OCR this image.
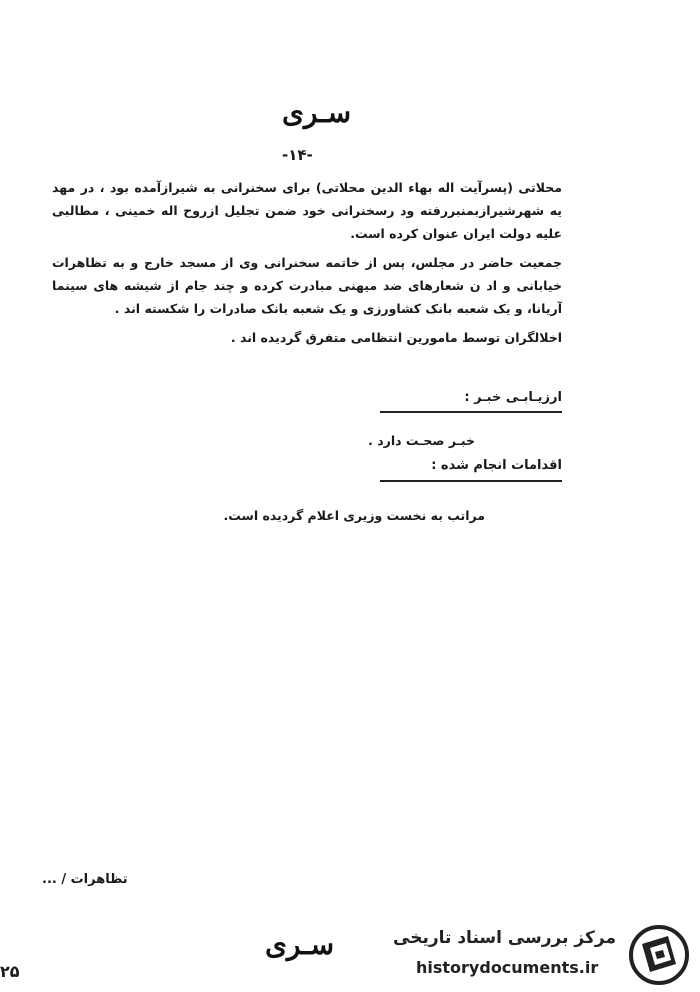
سـری
-۱۴-

محلاتی (پسرآیت اله بهاء الدین محلاتی) برای سخنرانی به شیرازآمده بود ، در مهد یه شهرشیرازبمنبررفته ود رسخنرانی خود ضمن تجلیل ازروح اله خمینی ، مطالبی علیه دولت ایران عنوان کرده است.

جمعیت حاضر در مجلس، پس از خاتمه سخنرانی وی از مسجد خارج و به تظاهرات خیابانی و اد ن شعارهای ضد میهنی مبادرت کرده و چند جام از شیشه های سینما آریانا، و یک شعبه بانک کشاورزی و یک شعبه بانک صادرات را شکسته اند .

اخلالگران توسط مامورین انتظامی متفرق گردیده اند .

ارزیـابـی خبـر :
خبـر صحـت دارد .
اقدامات انجام شده :
مراتب به نخست وزیری اعلام گردیده است.
تظاهرات / ...
سـری
۲۵
مرکز بررسی اسناد تاریخی
historydocuments.ir
